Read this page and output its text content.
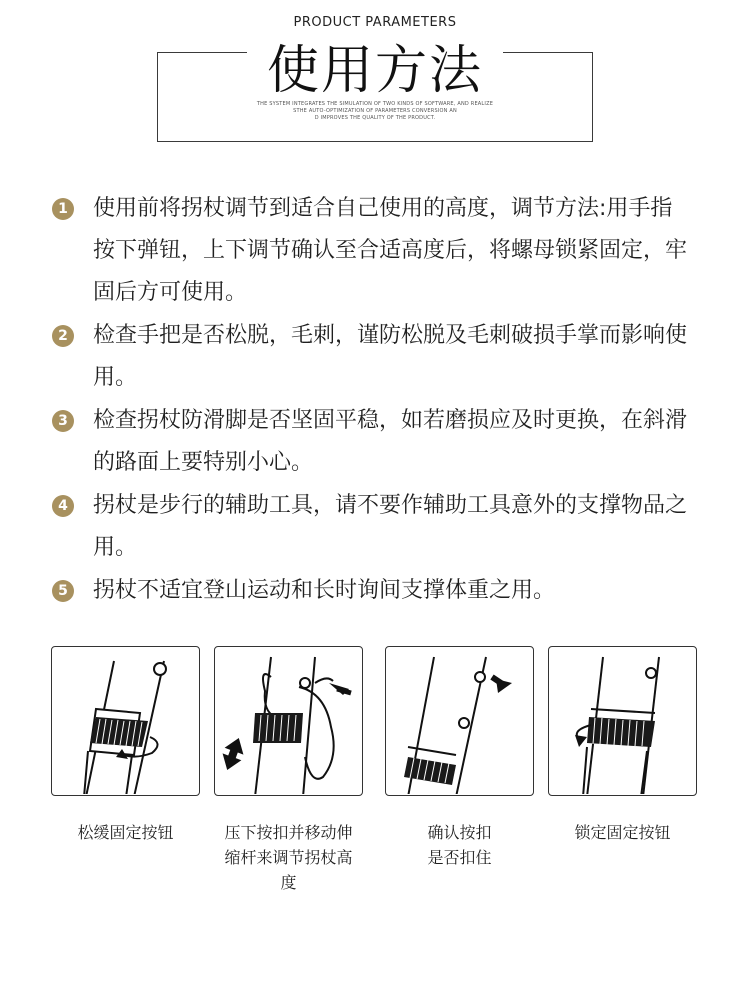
PRODUCT PARAMETERS
使用方法
THE SYSTEM INTEGRATES THE SIMULATION OF TWO KINDS OF SOFTWARE, AND REALIZE
STHE AUTO-OPTIMIZATION OF PARAMETERS CONVERSION AN
D IMPROVES THE QUALITY OF THE PRODUCT.
1 使用前将拐杖调节到适合自己使用的高度，调节方法:用手指按下弹钮，上下调节确认至合适高度后，将螺母锁紧固定，牢固后方可使用。
2 检查手把是否松脱，毛刺，谨防松脱及毛刺破损手掌而影响使用。
3 检查拐杖防滑脚是否坚固平稳，如若磨损应及时更换，在斜滑的路面上要特别小心。
4 拐杖是步行的辅助工具，请不要作辅助工具意外的支撑物品之用。
5 拐杖不适宜登山运动和长时询间支撑体重之用。
松缓固定按钮	压下按扣并移动伸缩杆来调节拐杖高度
确认按扣是否扣住
锁定固定按钮
